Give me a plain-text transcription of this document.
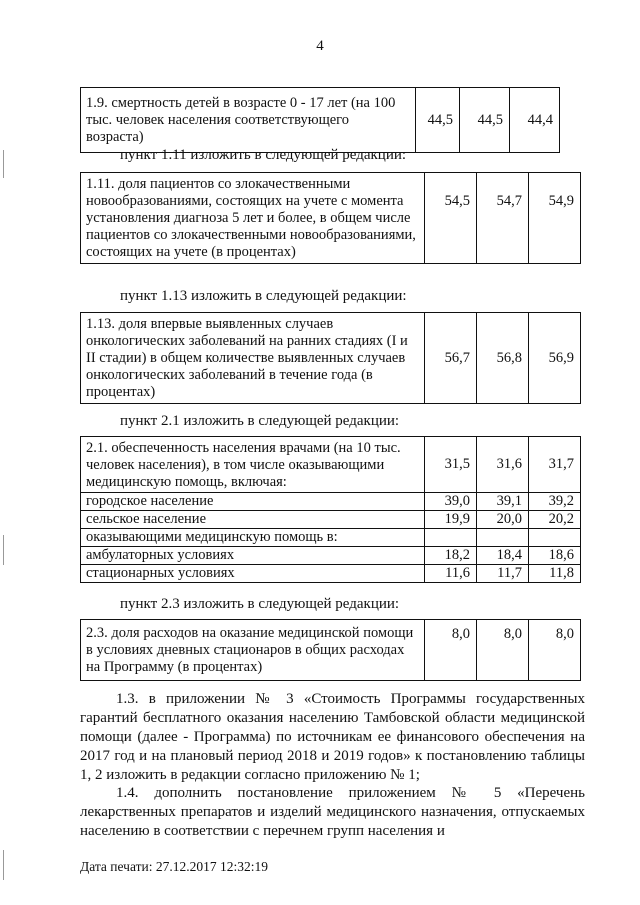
4
1.9. смертность детей в возрасте 0 - 17 лет (на 100 тыс. человек населения соответствующего возраста)	44,5	44,5	44,4
пункт 1.11 изложить в следующей редакции:
1.11. доля пациентов со злокачественными новообразованиями, состоящих на учете с момента установления диагноза 5 лет и более, в общем числе пациентов со злокачественными новообразованиями, состоящих на учете (в процентах)	54,5	54,7	54,9
пункт 1.13 изложить в следующей редакции:
1.13. доля впервые выявленных случаев онкологических заболеваний на ранних стадиях (I и II стадии) в общем количестве выявленных случаев онкологических заболеваний в течение года (в процентах)	56,7	56,8	56,9
пункт 2.1 изложить в следующей редакции:
2.1. обеспеченность населения врачами (на 10 тыс. человек населения), в том числе оказывающими медицинскую помощь, включая:	31,5	31,6	31,7
городское население	39,0	39,1	39,2
сельское население	19,9	20,0	20,2
оказывающими медицинскую помощь в:			
амбулаторных условиях	18,2	18,4	18,6
стационарных условиях	11,6	11,7	11,8
пункт 2.3 изложить в следующей редакции:
2.3. доля расходов на оказание медицинской помощи в условиях дневных стационаров в общих расходах на Программу (в процентах)	8,0	8,0	8,0

1.3. в приложении № 3 «Стоимость Программы государственных гарантий бесплатного оказания населению Тамбовской области медицинской помощи (далее - Программа) по источникам ее финансового обеспечения на 2017 год и на плановый период 2018 и 2019 годов» к постановлению таблицы 1, 2 изложить в редакции согласно приложению № 1;

1.4. дополнить постановление приложением № 5 «Перечень лекарственных препаратов и изделий медицинского назначения, отпускаемых населению в соответствии с перечнем групп населения и

Дата печати: 27.12.2017 12:32:19
